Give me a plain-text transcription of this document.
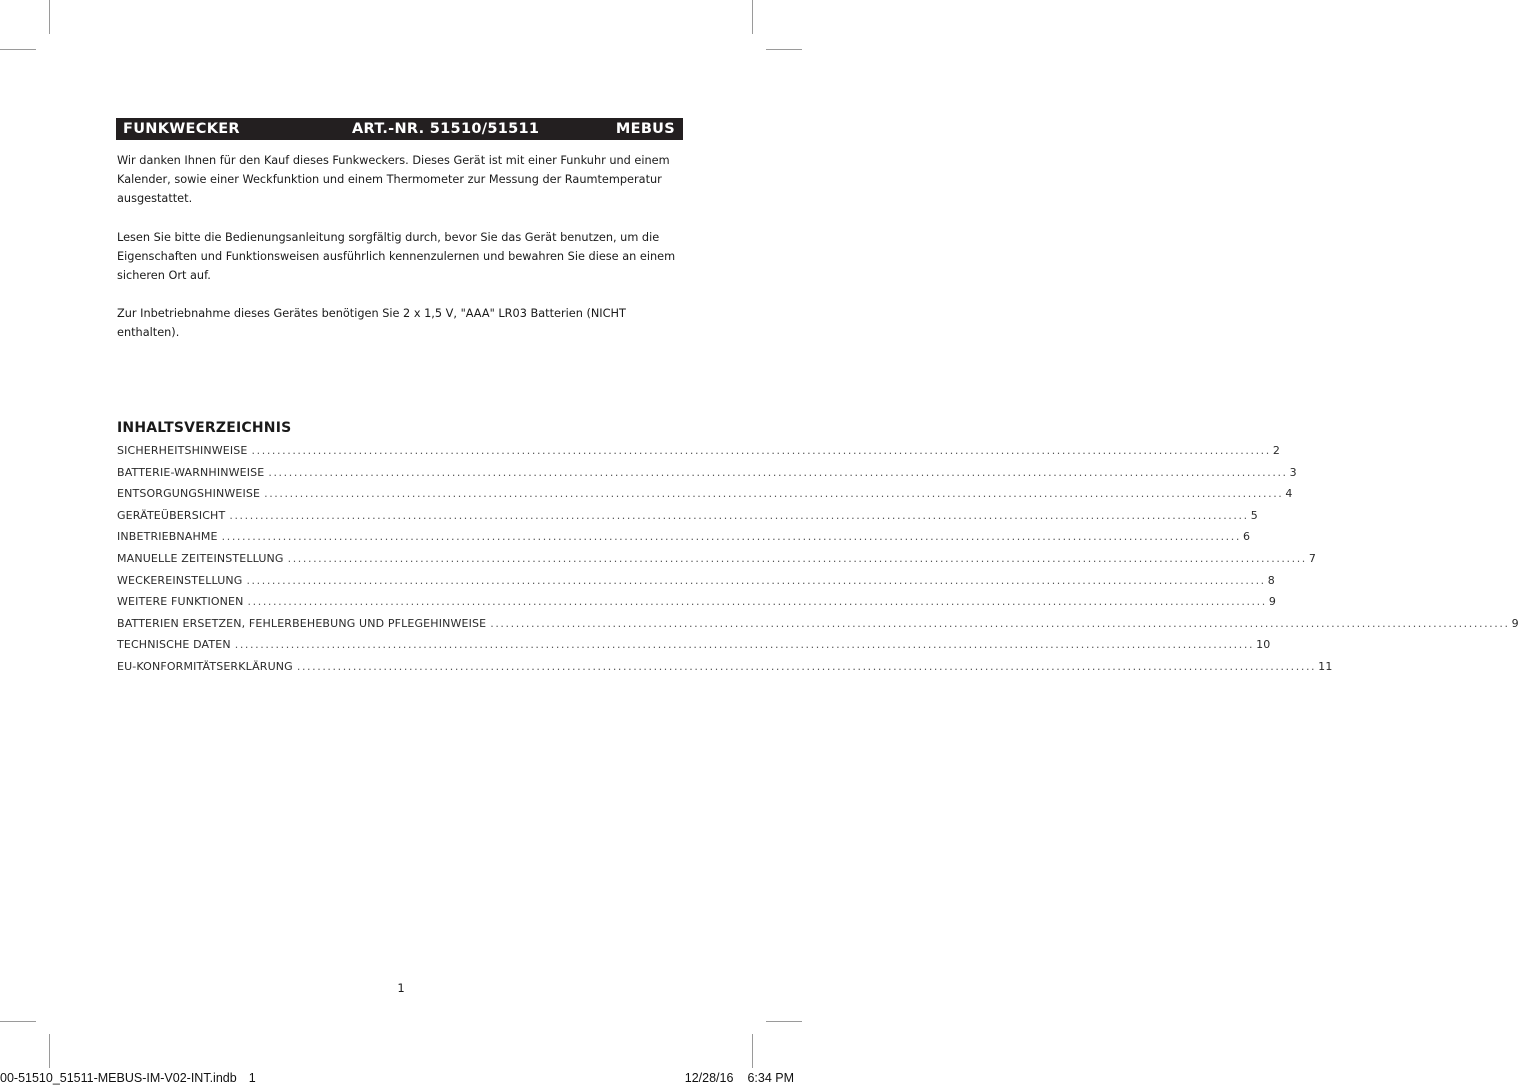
FUNKWECKER	ART.-NR. 51510/51511	MEBUS

Wir danken Ihnen für den Kauf dieses Funkweckers. Dieses Gerät ist mit einer Funkuhr und einem Kalender, sowie einer Weckfunktion und einem Thermometer zur Messung der Raumtemperatur ausgestattet.

Lesen Sie bitte die Bedienungsanleitung sorgfältig durch, bevor Sie das Gerät benutzen, um die Eigenschaften und Funktionsweisen ausführlich kennenzulernen und bewahren Sie diese an einem sicheren Ort auf.

Zur Inbetriebnahme dieses Gerätes benötigen Sie 2 x 1,5 V, "AAA" LR03 Batterien (NICHT enthalten).

INHALTSVERZEICHNIS
SICHERHEITSHINWEISE ........................................................................................................................................................................................................ 2
BATTERIE-WARNHINWEISE ........................................................................................................................................................................................................ 3
ENTSORGUNGSHINWEISE ........................................................................................................................................................................................................ 4
GERÄTEÜBERSICHT ........................................................................................................................................................................................................ 5
INBETRIEBNAHME ........................................................................................................................................................................................................ 6
MANUELLE ZEITEINSTELLUNG ........................................................................................................................................................................................................ 7
WECKEREINSTELLUNG ........................................................................................................................................................................................................ 8
WEITERE FUNKTIONEN ........................................................................................................................................................................................................ 9
BATTERIEN ERSETZEN, FEHLERBEHEBUNG UND PFLEGEHINWEISE ........................................................................................................................................................................................................ 9
TECHNISCHE DATEN ........................................................................................................................................................................................................ 10
EU-KONFORMITÄTSERKLÄRUNG ........................................................................................................................................................................................................ 11
1
00-51510_51511-MEBUS-IM-V02-INT.indb 1	12/28/16 6:34 PM
